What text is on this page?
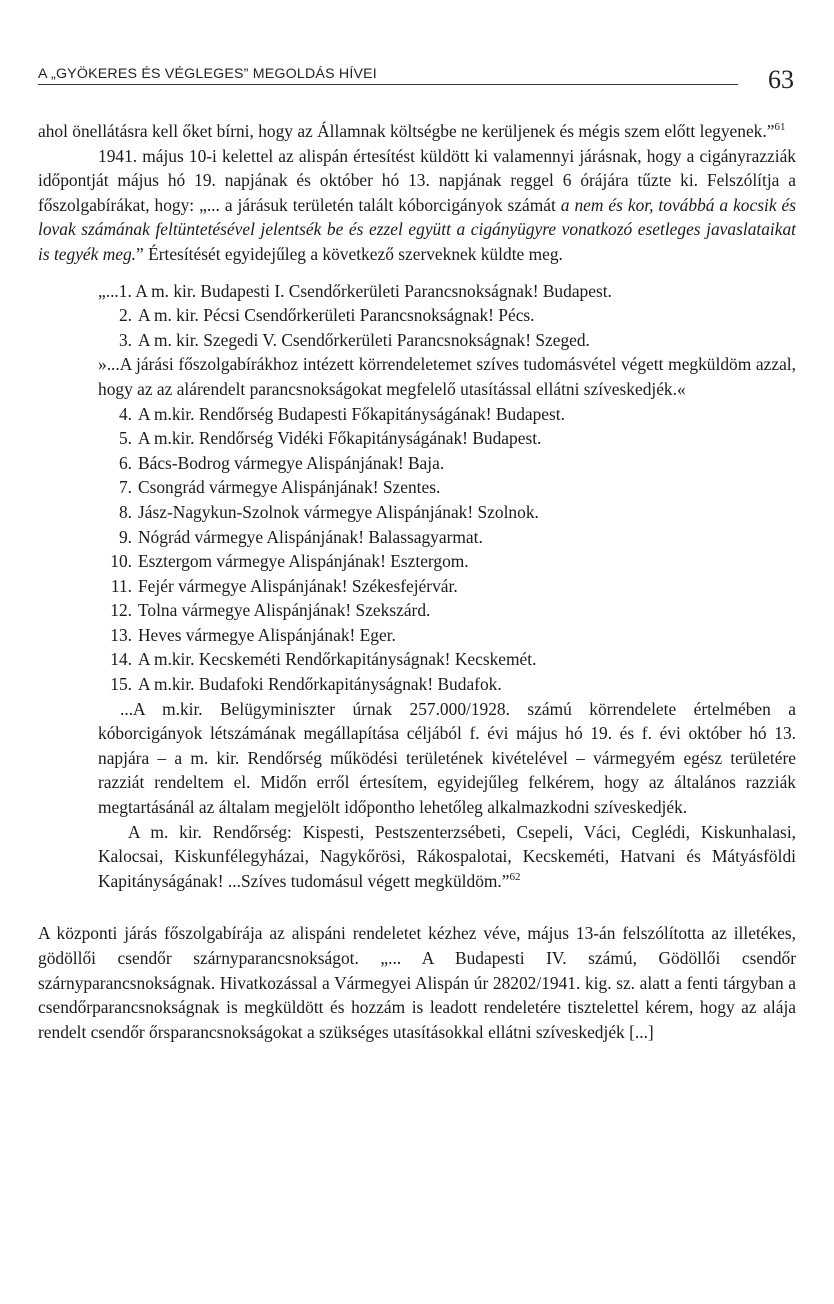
A „GYÖKERES ÉS VÉGLEGES” MEGOLDÁS HÍVEI	63

ahol önellátásra kell őket bírni, hogy az Államnak költségbe ne kerüljenek és mégis szem előtt legyenek.”$^{61}$

1941. május 10-i kelettel az alispán értesítést küldött ki valamennyi járásnak, hogy a cigányrazziák időpontját május hó 19. napjának és október hó 13. napjának reggel 6 órájára tűzte ki. Felszólítja a főszolgabírákat, hogy: „... a járásuk területén talált kóborcigányok számát a nem és kor, továbbá a kocsik és lovak számának feltüntetésével jelentsék be és ezzel együtt a cigányügyre vonatkozó esetleges javaslataikat is tegyék meg.” Értesítését egyidejűleg a következő szerveknek küldte meg.

„...1. A m. kir. Budapesti I. Csendőrkerületi Parancsnokságnak! Budapest.
2. A m. kir. Pécsi Csendőrkerületi Parancsnokságnak! Pécs.
3. A m. kir. Szegedi V. Csendőrkerületi Parancsnokságnak! Szeged.

»...A járási főszolgabírákhoz intézett körrendeletemet szíves tudomásvétel végett megküldöm azzal, hogy az az alárendelt parancsnokságokat megfelelő utasítással ellátni szíveskedjék.«

4. A m.kir. Rendőrség Budapesti Főkapitányságának! Budapest.
5. A m.kir. Rendőrség Vidéki Főkapitányságának! Budapest.
6. Bács-Bodrog vármegye Alispánjának! Baja.
7. Csongrád vármegye Alispánjának! Szentes.
8. Jász-Nagykun-Szolnok vármegye Alispánjának! Szolnok.
9. Nógrád vármegye Alispánjának! Balassagyarmat.
10. Esztergom vármegye Alispánjának! Esztergom.
11. Fejér vármegye Alispánjának! Székesfejérvár.
12. Tolna vármegye Alispánjának! Szekszárd.
13. Heves vármegye Alispánjának! Eger.
14. A m.kir. Kecskeméti Rendőrkapitányságnak! Kecskemét.
15. A m.kir. Budafoki Rendőrkapitányságnak! Budafok.

...A m.kir. Belügyminiszter úrnak 257.000/1928. számú körrendelete értelmében a kóborcigányok létszámának megállapítása céljából f. évi május hó 19. és f. évi október hó 13. napjára – a m. kir. Rendőrség működési területének kivételével – vármegyém egész területére razziát rendeltem el. Midőn erről értesítem, egyidejűleg felkérem, hogy az általános razziák megtartásánál az általam megjelölt időpontho lehetőleg alkalmazkodni szíveskedjék.

A m. kir. Rendőrség: Kispesti, Pestszenterzsébeti, Csepeli, Váci, Ceglédi, Kiskunhalasi, Kalocsai, Kiskunfélegyházai, Nagykőrösi, Rákospalotai, Kecskeméti, Hatvani és Mátyásföldi Kapitányságának! ...Szíves tudomásul végett megküldöm.”$^{62}$

A központi járás főszolgabírája az alispáni rendeletet kézhez véve, május 13-án felszólította az illetékes, gödöllői csendőr szárnyparancsnokságot. „... A Budapesti IV. számú, Gödöllői csendőr szárnyparancsnokságnak. Hivatkozással a Vármegyei Alispán úr 28202/1941. kig. sz. alatt a fenti tárgyban a csendőrparancsnokságnak is megküldött és hozzám is leadott rendeletére tisztelettel kérem, hogy az alája rendelt csendőr őrsparancsnokságokat a szükséges utasításokkal ellátni szíveskedjék [...]
